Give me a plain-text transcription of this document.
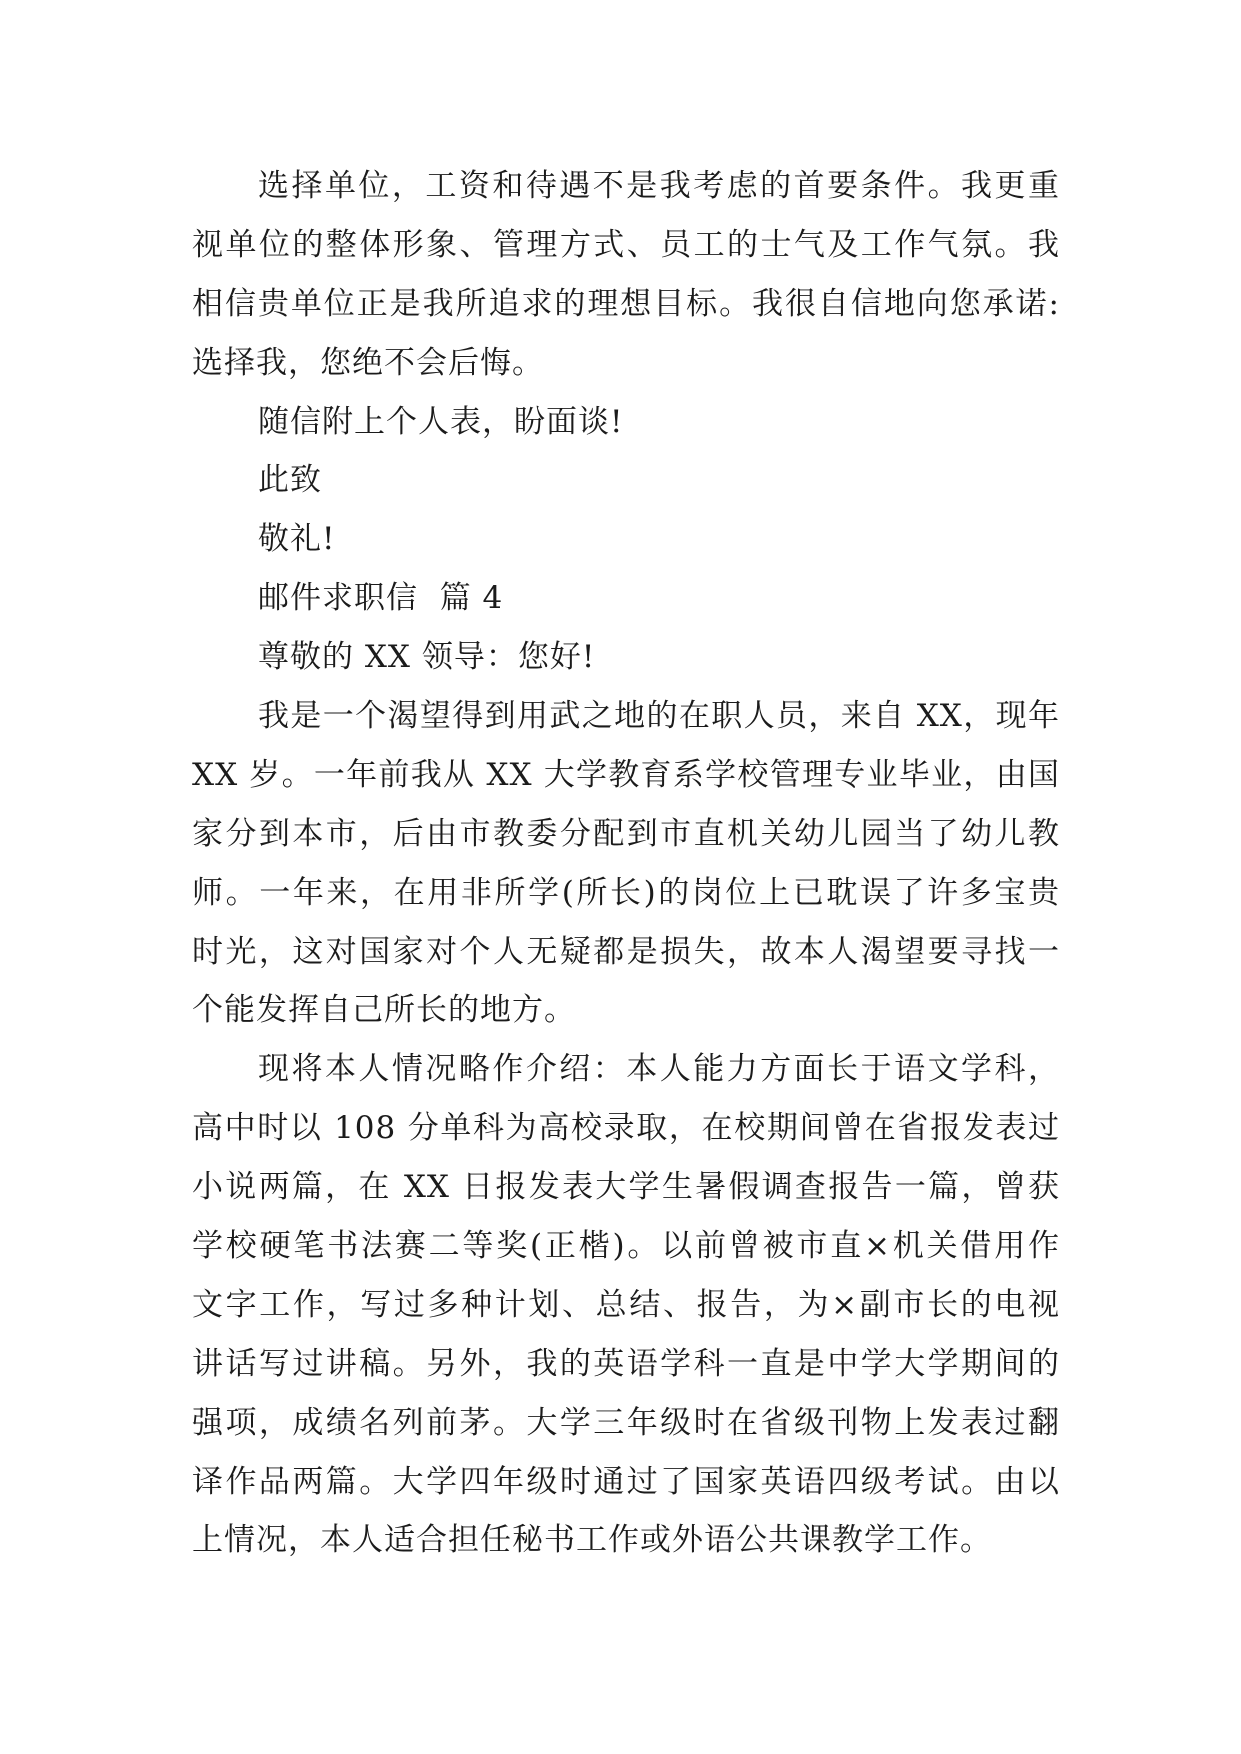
选择单位，工资和待遇不是我考虑的首要条件。我更重
视单位的整体形象、管理方式、员工的士气及工作气氛。我
相信贵单位正是我所追求的理想目标。我很自信地向您承诺:
选择我，您绝不会后悔。
随信附上个人表，盼面谈!
此致
敬礼!
邮件求职信  篇 4
尊敬的 XX 领导：您好!
我是一个渴望得到用武之地的在职人员，来自 XX，现年
XX 岁。一年前我从 XX 大学教育系学校管理专业毕业，由国
家分到本市，后由市教委分配到市直机关幼儿园当了幼儿教
师。一年来，在用非所学(所长)的岗位上已耽误了许多宝贵
时光，这对国家对个人无疑都是损失，故本人渴望要寻找一
个能发挥自己所长的地方。
现将本人情况略作介绍：本人能力方面长于语文学科，
高中时以 108 分单科为高校录取，在校期间曾在省报发表过
小说两篇，在 XX 日报发表大学生暑假调查报告一篇，曾获
学校硬笔书法赛二等奖(正楷)。以前曾被市直×机关借用作
文字工作，写过多种计划、总结、报告，为×副市长的电视
讲话写过讲稿。另外，我的英语学科一直是中学大学期间的
强项，成绩名列前茅。大学三年级时在省级刊物上发表过翻
译作品两篇。大学四年级时通过了国家英语四级考试。由以
上情况，本人适合担任秘书工作或外语公共课教学工作。
